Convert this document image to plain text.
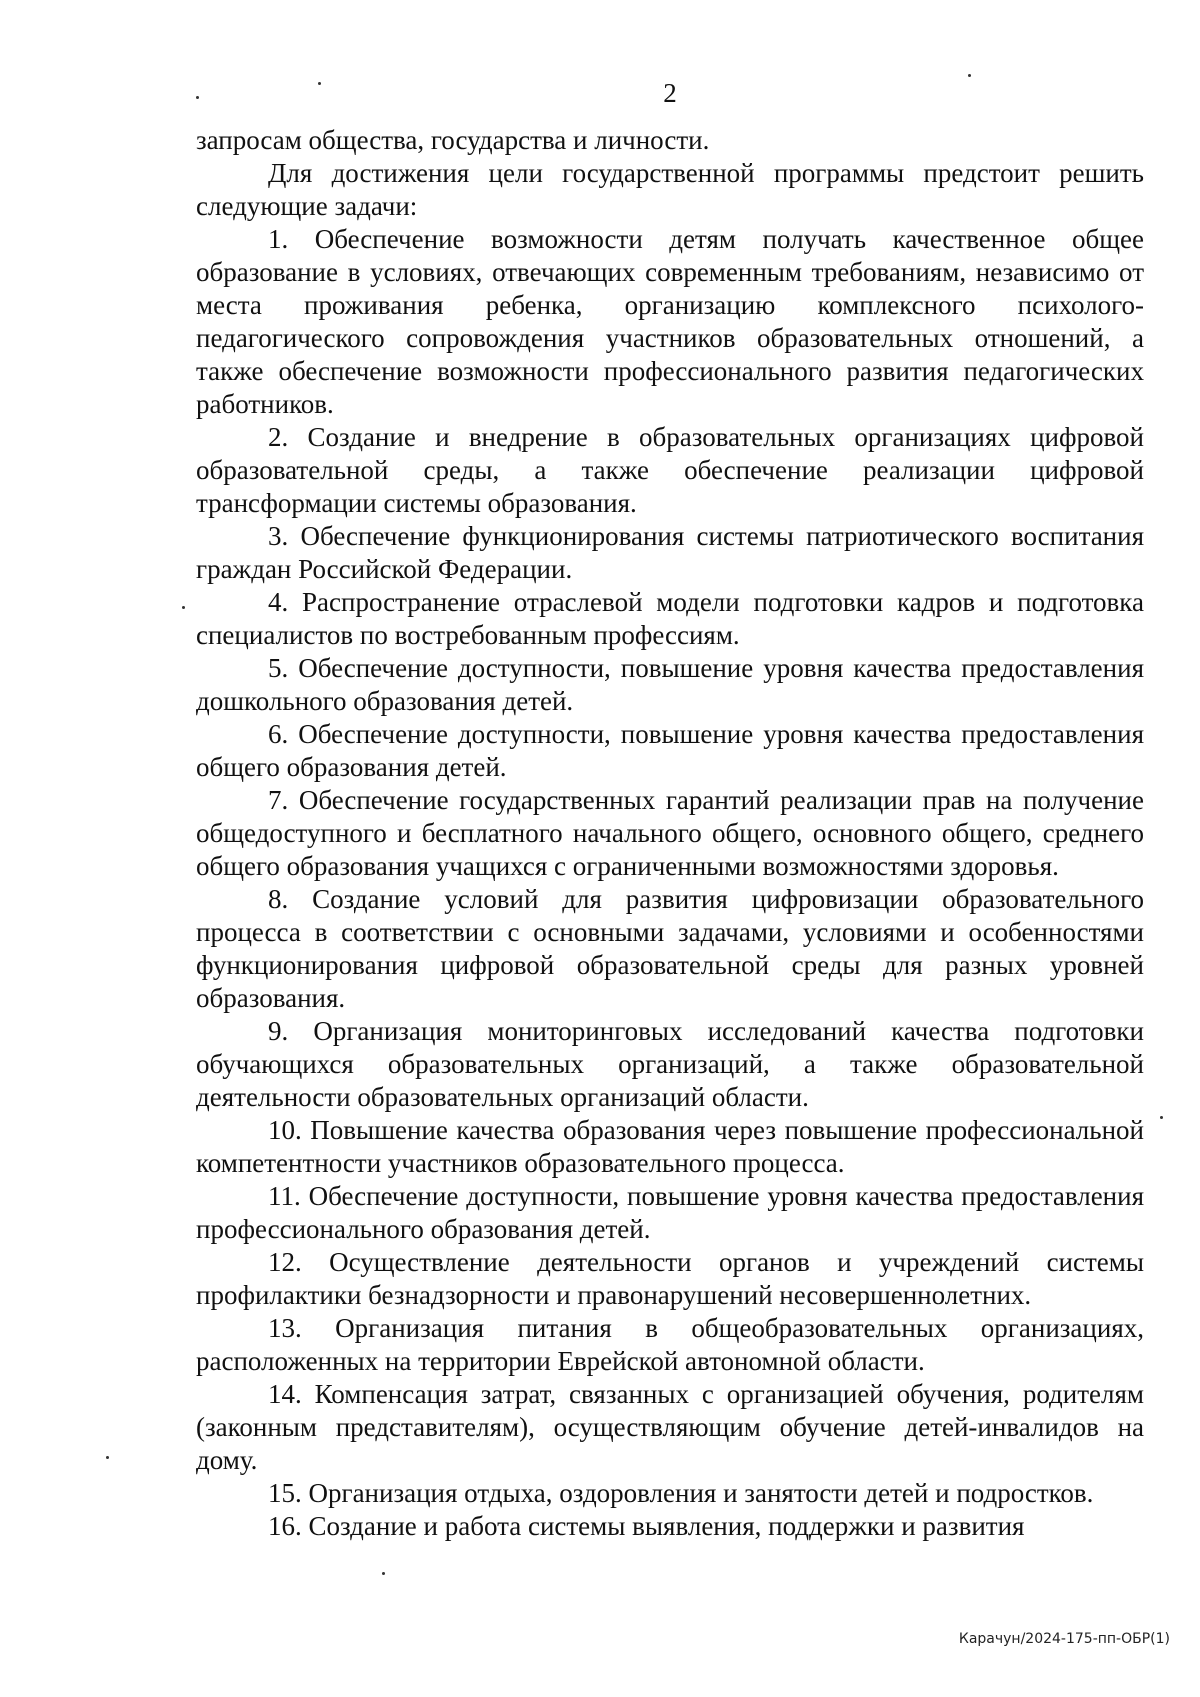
2

запросам общества, государства и личности.

Для достижения цели государственной программы предстоит решить следующие задачи:

1. Обеспечение возможности детям получать качественное общее образование в условиях, отвечающих современным требованиям, независимо от места проживания ребенка, организацию комплексного психолого-педагогического сопровождения участников образовательных отношений, а также обеспечение возможности профессионального развития педагогических работников.

2. Создание и внедрение в образовательных организациях цифровой образовательной среды, а также обеспечение реализации цифровой трансформации системы образования.

3. Обеспечение функционирования системы патриотического воспитания граждан Российской Федерации.

4. Распространение отраслевой модели подготовки кадров и подготовка специалистов по востребованным профессиям.

5. Обеспечение доступности, повышение уровня качества предоставления дошкольного образования детей.

6. Обеспечение доступности, повышение уровня качества предоставления общего образования детей.

7. Обеспечение государственных гарантий реализации прав на получение общедоступного и бесплатного начального общего, основного общего, среднего общего образования учащихся с ограниченными возможностями здоровья.

8. Создание условий для развития цифровизации образовательного процесса в соответствии с основными задачами, условиями и особенностями функционирования цифровой образовательной среды для разных уровней образования.

9. Организация мониторинговых исследований качества подготовки обучающихся образовательных организаций, а также образовательной деятельности образовательных организаций области.

10. Повышение качества образования через повышение профессиональной компетентности участников образовательного процесса.

11. Обеспечение доступности, повышение уровня качества предоставления профессионального образования детей.

12. Осуществление деятельности органов и учреждений системы профилактики безнадзорности и правонарушений несовершеннолетних.

13. Организация питания в общеобразовательных организациях, расположенных на территории Еврейской автономной области.

14. Компенсация затрат, связанных с организацией обучения, родителям (законным представителям), осуществляющим обучение детей-инвалидов на дому.

15. Организация отдыха, оздоровления и занятости детей и подростков.

16. Создание и работа системы выявления, поддержки и развития

Карачун/2024-175-пп-ОБР(1)
